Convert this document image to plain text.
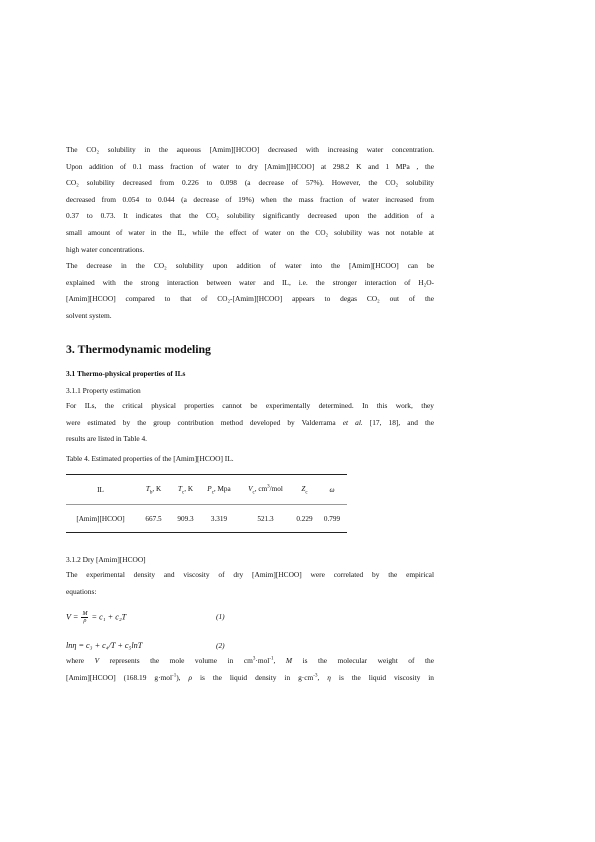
The CO₂ solubility in the aqueous [Amim][HCOO] decreased with increasing water concentration.
Upon addition of 0.1 mass fraction of water to dry [Amim][HCOO] at 298.2 K and 1 MPa , the
CO₂ solubility decreased from 0.226 to 0.098 (a decrease of 57%). However, the CO₂ solubility
decreased from 0.054 to 0.044 (a decrease of 19%) when the mass fraction of water increased from
0.37 to 0.73. It indicates that the CO₂ solubility significantly decreased upon the addition of a
small amount of water in the IL, while the effect of water on the CO₂ solubility was not notable at
high water concentrations.
The decrease in the CO₂ solubility upon addition of water into the [Amim][HCOO] can be
explained with the strong interaction between water and IL, i.e. the stronger interaction of H₂O-
[Amim][HCOO] compared to that of CO₂-[Amim][HCOO] appears to degas CO₂ out of the
solvent system.
3. Thermodynamic modeling

3.1 Thermo-physical properties of ILs

3.1.1 Property estimation

For ILs, the critical physical properties cannot be experimentally determined. In this work, they
were estimated by the group contribution method developed by Valderrama et al. [17, 18], and the
results are listed in Table 4.

Table 4. Estimated properties of the [Amim][HCOO] IL.

IL	$T_b$, K	$T_c$, K	$P_c$, Mpa	$V_c$, $cm^3$/mol	$Z_c$	ω
[Amim][HCOO]	667.5	909.3	3.319	521.3	0.229	0.799

3.1.2 Dry [Amim][HCOO]

The experimental density and viscosity of dry [Amim][HCOO] were correlated by the empirical
equations:
$V = \frac{M}{\rho} = c_1 + c_2T$	(1)
lnη = c₃ + c₄/T + c₅lnT	(2)
where V represents the mole volume in $cm^3\cdot mol^{-1}$, M is the molecular weight of the
[Amim][HCOO] (168.19 g·mol$^{-1}$), ρ is the liquid density in $g\cdot cm^{-3}$, η is the liquid viscosity in
